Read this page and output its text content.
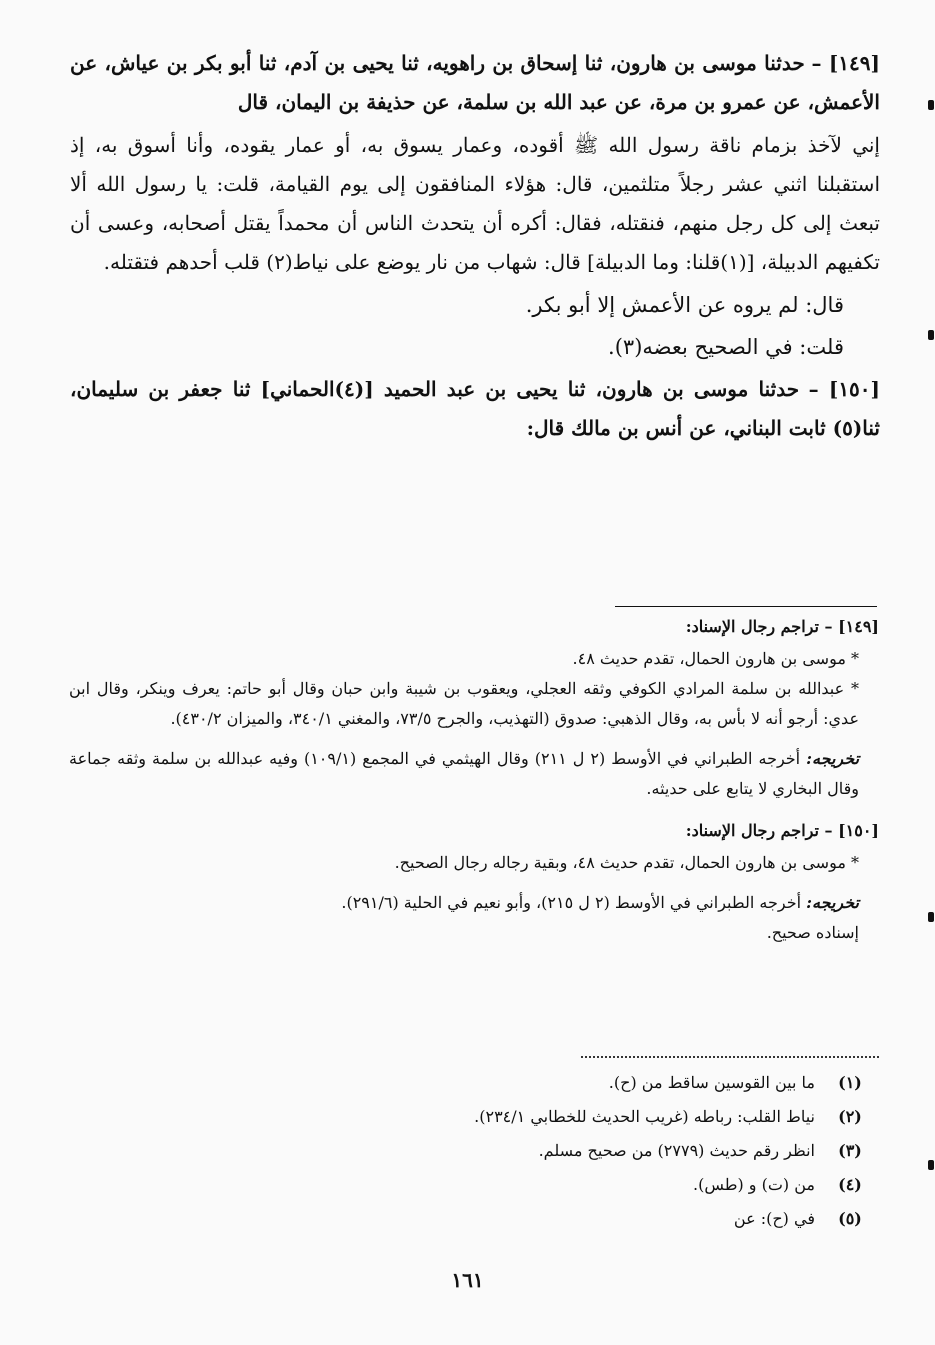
[١٤٩] – حدثنا موسى بن هارون، ثنا إسحاق بن راهويه، ثنا يحيى بن آدم، ثنا أبو بكر بن عياش، عن الأعمش، عن عمرو بن مرة، عن عبد الله بن سلمة، عن حذيفة بن اليمان، قال

إني لآخذ بزمام ناقة رسول الله ﷺ أقوده، وعمار يسوق به، أو عمار يقوده، وأنا أسوق به، إذ استقبلنا اثني عشر رجلاً متلثمين، قال: هؤلاء المنافقون إلى يوم القيامة، قلت: يا رسول الله ألا تبعث إلى كل رجل منهم، فنقتله، فقال: أكره أن يتحدث الناس أن محمداً يقتل أصحابه، وعسى أن تكفيهم الدبيلة، [(١)قلنا: وما الدبيلة] قال: شهاب من نار يوضع على نياط(٢) قلب أحدهم فتقتله.

قال: لم يروه عن الأعمش إلا أبو بكر.

قلت: في الصحيح بعضه(٣).

[١٥٠] – حدثنا موسى بن هارون، ثنا يحيى بن عبد الحميد [(٤)الحماني] ثنا جعفر بن سليمان، ثنا(٥) ثابت البناني، عن أنس بن مالك قال:

[١٤٩] – تراجم رجال الإسناد:

* موسى بن هارون الحمال، تقدم حديث ٤٨.

* عبدالله بن سلمة المرادي الكوفي وثقه العجلي، ويعقوب بن شيبة وابن حبان وقال أبو حاتم: يعرف وينكر، وقال ابن عدي: أرجو أنه لا بأس به، وقال الذهبي: صدوق (التهذيب، والجرح ٧٣/٥، والمغني ٣٤٠/١، والميزان ٤٣٠/٢).

تخريجه: أخرجه الطبراني في الأوسط (٢ ل ٢١١) وقال الهيثمي في المجمع (١٠٩/١) وفيه عبدالله بن سلمة وثقه جماعة وقال البخاري لا يتابع على حديثه.

[١٥٠] – تراجم رجال الإسناد:

* موسى بن هارون الحمال، تقدم حديث ٤٨، وبقية رجاله رجال الصحيح.

تخريجه: أخرجه الطبراني في الأوسط (٢ ل ٢١٥)، وأبو نعيم في الحلية (٢٩١/٦).

إسناده صحيح.

(١)
ما بين القوسين ساقط من (ح).
(٢)
نياط القلب: رباطه (غريب الحديث للخطابي ٢٣٤/١).
(٣)
انظر رقم حديث (٢٧٧٩) من صحيح مسلم.
(٤)
من (ت) و (طس).
(٥)
في (ح): عن
١٦١
